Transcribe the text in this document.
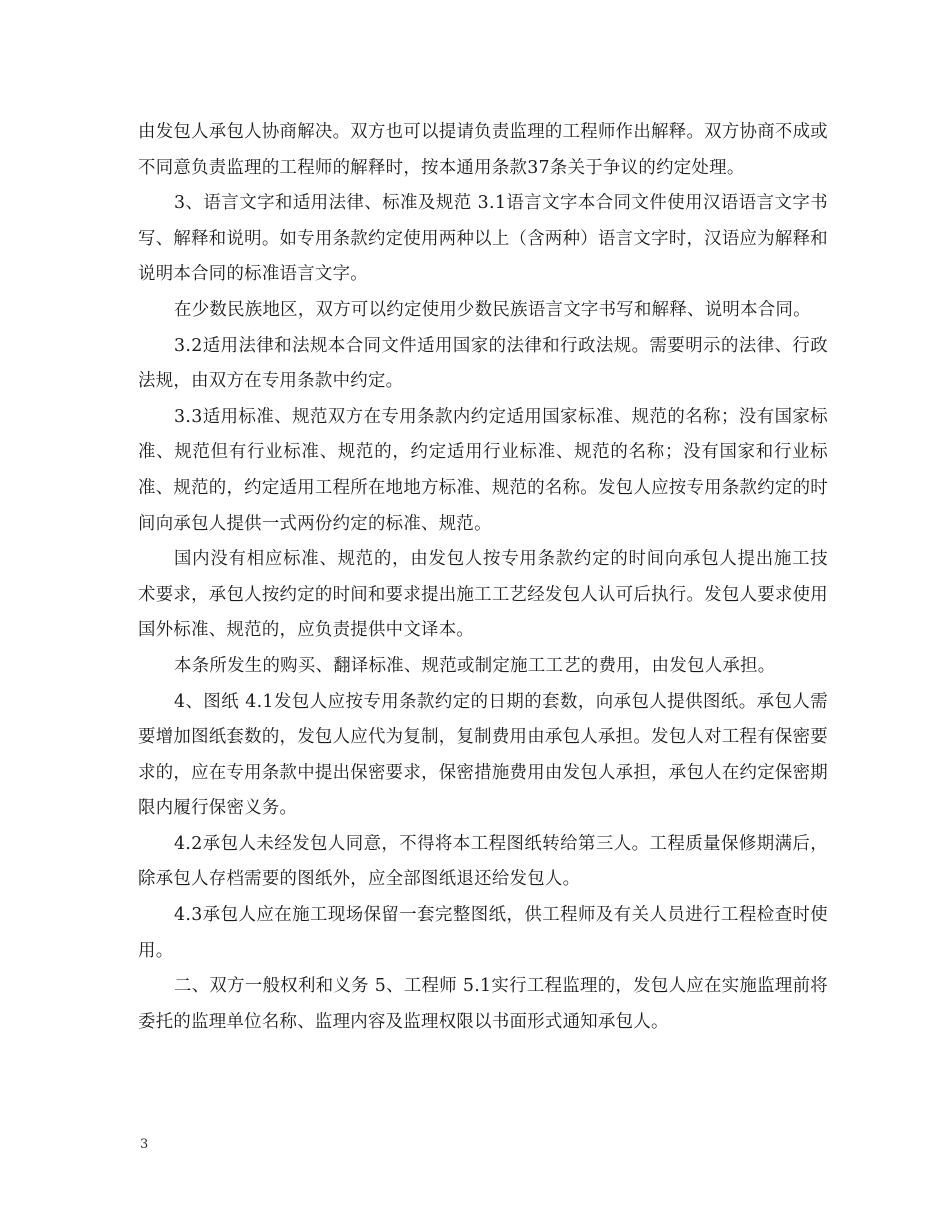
由发包人承包人协商解决。双方也可以提请负责监理的工程师作出解释。双方协商不成或不同意负责监理的工程师的解释时，按本通用条款37条关于争议的约定处理。

3、语言文字和适用法律、标准及规范 3.1语言文字本合同文件使用汉语语言文字书写、解释和说明。如专用条款约定使用两种以上（含两种）语言文字时，汉语应为解释和说明本合同的标准语言文字。

在少数民族地区，双方可以约定使用少数民族语言文字书写和解释、说明本合同。

3.2适用法律和法规本合同文件适用国家的法律和行政法规。需要明示的法律、行政法规，由双方在专用条款中约定。

3.3适用标准、规范双方在专用条款内约定适用国家标准、规范的名称；没有国家标准、规范但有行业标准、规范的，约定适用行业标准、规范的名称；没有国家和行业标准、规范的，约定适用工程所在地地方标准、规范的名称。发包人应按专用条款约定的时间向承包人提供一式两份约定的标准、规范。

国内没有相应标准、规范的，由发包人按专用条款约定的时间向承包人提出施工技术要求，承包人按约定的时间和要求提出施工工艺经发包人认可后执行。发包人要求使用国外标准、规范的，应负责提供中文译本。

本条所发生的购买、翻译标准、规范或制定施工工艺的费用，由发包人承担。

4、图纸 4.1发包人应按专用条款约定的日期的套数，向承包人提供图纸。承包人需要增加图纸套数的，发包人应代为复制，复制费用由承包人承担。发包人对工程有保密要求的，应在专用条款中提出保密要求，保密措施费用由发包人承担，承包人在约定保密期限内履行保密义务。

4.2承包人未经发包人同意，不得将本工程图纸转给第三人。工程质量保修期满后，除承包人存档需要的图纸外，应全部图纸退还给发包人。

4.3承包人应在施工现场保留一套完整图纸，供工程师及有关人员进行工程检查时使用。

二、双方一般权利和义务 5、工程师 5.1实行工程监理的，发包人应在实施监理前将委托的监理单位名称、监理内容及监理权限以书面形式通知承包人。

3
